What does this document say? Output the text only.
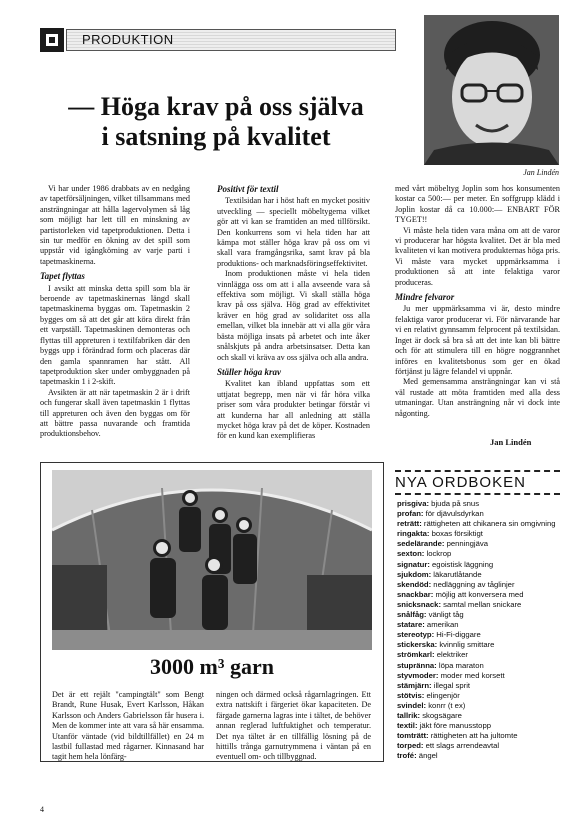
PRODUKTION
— Höga krav på oss själva
i satsning på kvalitet
Jan Lindén

Vi har under 1986 drabbats av en nedgång av tapetförsäljningen, vilket tillsammans med ansträngningar att hålla lagervolymen så låg som möjligt har lett till en minskning av partistorleken vid tapetproduktionen. Detta i sin tur medför en ökning av det spill som uppstår vid igångkörning av varje parti i tapetmaskinerna.

Tapet flyttas

I avsikt att minska detta spill som bla är beroende av tapetmaskinernas längd skall tapetmaskinerna byggas om. Tapetmaskin 2 bygges om så att det går att köra direkt från ett varpställ. Tapetmaskinen demonteras och flyttas till appreturen i textilfabriken där den byggs upp i förändrad form och placeras där den gamla spannramen har stått. All tapetproduktion sker under ombyggnaden på tapetmaskin 1 i 2-skift.

Avsikten är att när tapetmaskin 2 är i drift och fungerar skall även tapetmaskin 1 flyttas till appreturen och även den byggas om för att bättre passa nuvarande och framtida produktionsbehov.

Positivt för textil

Textilsidan har i höst haft en mycket positiv utveckling — speciellt möbeltygerna vilket gör att vi kan se framtiden an med tillförsikt. Den konkurrens som vi hela tiden har att kämpa mot ställer höga krav på oss om vi skall vara framgångsrika, samt krav på bla produktions- och marknadsföringseffektivitet.

Inom produktionen måste vi hela tiden vinnlägga oss om att i alla avseende vara så effektiva som möjligt. Vi skall ställa höga krav på oss själva. Hög grad av effektivitet kräver en hög grad av solidaritet oss alla emellan, vilket bla innebär att vi alla gör våra bästa möjliga insats på arbetet och inte åker snålskjuts på andra arbetsinsatser. Detta kan och skall vi kräva av oss själva och alla andra.

Ställer höga krav

Kvalitet kan ibland uppfattas som ett uttjatat begrepp, men när vi får höra vilka priser som våra produkter betingar förstår vi att kunderna har all anledning att ställa mycket höga krav på det de köper. Kostnaden för en kund kan exemplifieras

med vårt möbeltyg Joplin som hos konsumenten kostar ca 500:— per meter. En soffgrupp klädd i Joplin kostar då ca 10.000:— ENBART FÖR TYGET!!

Vi måste hela tiden vara måna om att de varor vi producerar har högsta kvalitet. Det är bla med kvaliteten vi kan motivera produkternas höga pris. Vi måste vara mycket uppmärksamma i produktionen så att inte felaktiga varor produceras.

Mindre felvaror

Ju mer uppmärksamma vi är, desto mindre felaktiga varor producerar vi. För närvarande har vi en relativt gynnsamm felprocent på textilsidan. Inget är dock så bra så att det inte kan bli bättre och för att stimulera till en högre noggrannhet införes en kvalitetsbonus som ger en ökad förtjänst ju lägre felandel vi uppnår.

Med gemensamma ansträngningar kan vi stå väl rustade att möta framtiden med alla dess utmaningar. Utan ansträngning når vi dock inte någonting.

Jan Lindén
3000 m³ garn

Det är ett rejält "campingtält" som Bengt Brandt, Rune Husak, Evert Karlsson, Håkan Karlsson och Anders Gabrielsson får husera i. Men de kommer inte att vara så här ensamma. Utanför väntade (vid bildtillfället) en 24 m lastbil fullastad med rågarner. Kinnasand har tagit hem hela lönfärg-

ningen och därmed också rågarnlagringen. Ett extra nattskift i färgeriet ökar kapaciteten. De färgade garnerna lagras inte i tältet, de behöver annan reglerad luftfuktighet och temperatur. Det nya tältet är en tillfällig lösning på de hittills trånga garnutrymmena i väntan på en eventuell om- och tillbyggnad.

NYA ORDBOKEN
prisgiva: bjuda på snus
profan: för djävulsdyrkan
reträtt: rättigheten att chikanera sin omgivning
ringakta: boxas försiktigt
sedelärande: penningjäva
sexton: lockrop
signatur: egoistisk läggning
sjukdom: läkarutlåtande
skendöd: nedläggning av tåglinjer
snackbar: möjlig att konversera med
snicksnack: samtal mellan snickare
snålfåg: vänligt tåg
statare: amerikan
stereotyp: Hi-Fi-diggare
stickerska: kvinnlig smittare
strömkarl: elektriker
stupränna: löpa maraton
styvmoder: moder med korsett
stämjärn: illegal sprit
stötvis: elingenjör
svindel: konrr (t ex)
tallrik: skogsägare
textil: jäkt före manusstopp
tomträtt: rättigheten att ha jultomte
torped: ett slags arrendeavtal
trofé: ängel
4
